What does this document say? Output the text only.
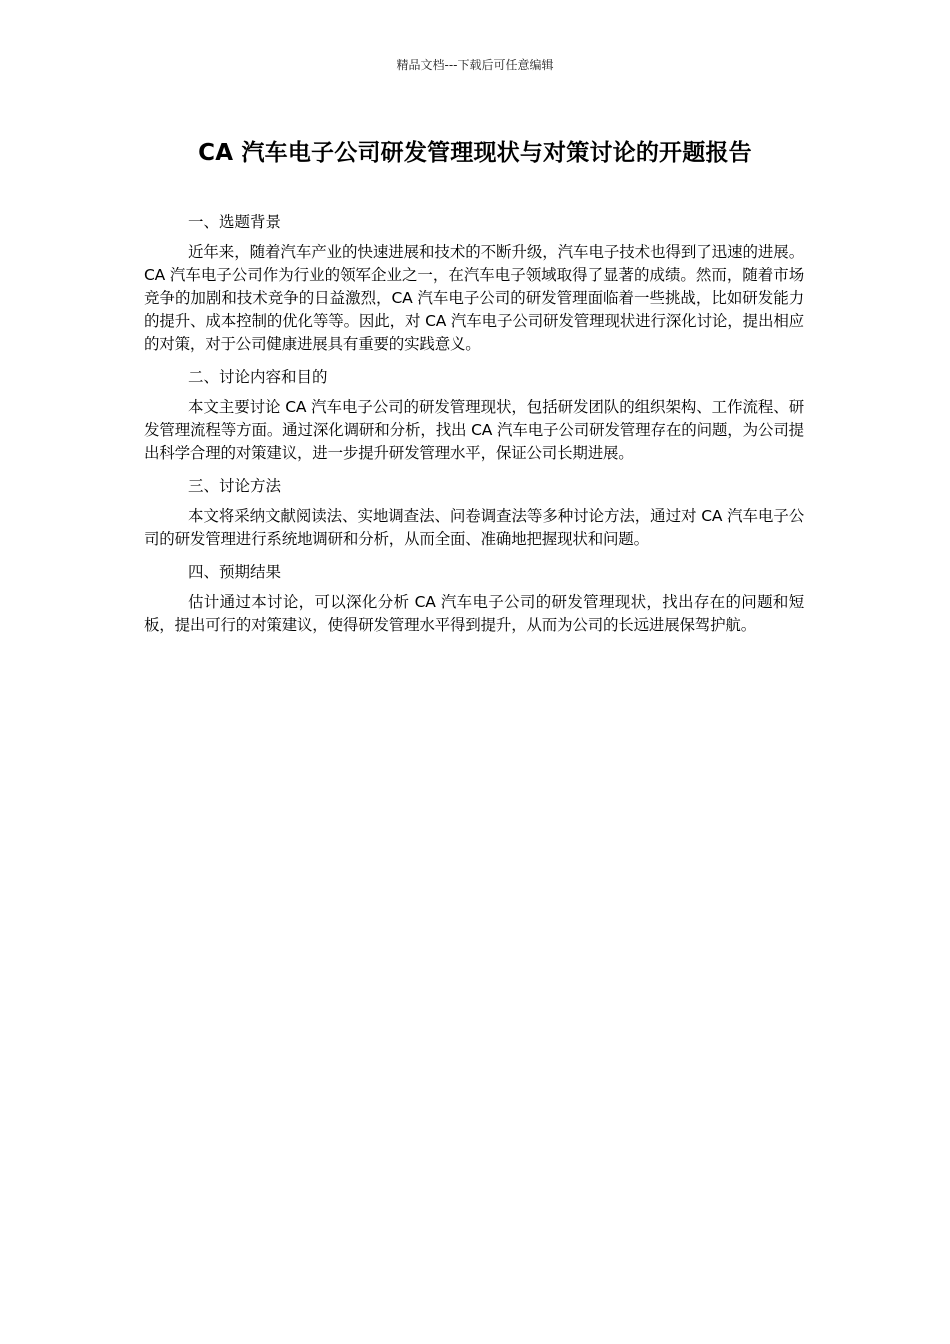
精品文档---下载后可任意编辑
CA 汽车电子公司研发管理现状与对策讨论的开题报告
一、选题背景

近年来，随着汽车产业的快速进展和技术的不断升级，汽车电子技术也得到了迅速的进展。CA 汽车电子公司作为行业的领军企业之一，在汽车电子领域取得了显著的成绩。然而，随着市场竞争的加剧和技术竞争的日益激烈，CA 汽车电子公司的研发管理面临着一些挑战，比如研发能力的提升、成本控制的优化等等。因此，对 CA 汽车电子公司研发管理现状进行深化讨论，提出相应的对策，对于公司健康进展具有重要的实践意义。

二、讨论内容和目的

本文主要讨论 CA 汽车电子公司的研发管理现状，包括研发团队的组织架构、工作流程、研发管理流程等方面。通过深化调研和分析，找出 CA 汽车电子公司研发管理存在的问题，为公司提出科学合理的对策建议，进一步提升研发管理水平，保证公司长期进展。

三、讨论方法

本文将采纳文献阅读法、实地调查法、问卷调查法等多种讨论方法，通过对 CA 汽车电子公司的研发管理进行系统地调研和分析，从而全面、准确地把握现状和问题。

四、预期结果

估计通过本讨论，可以深化分析 CA 汽车电子公司的研发管理现状，找出存在的问题和短板，提出可行的对策建议，使得研发管理水平得到提升，从而为公司的长远进展保驾护航。
